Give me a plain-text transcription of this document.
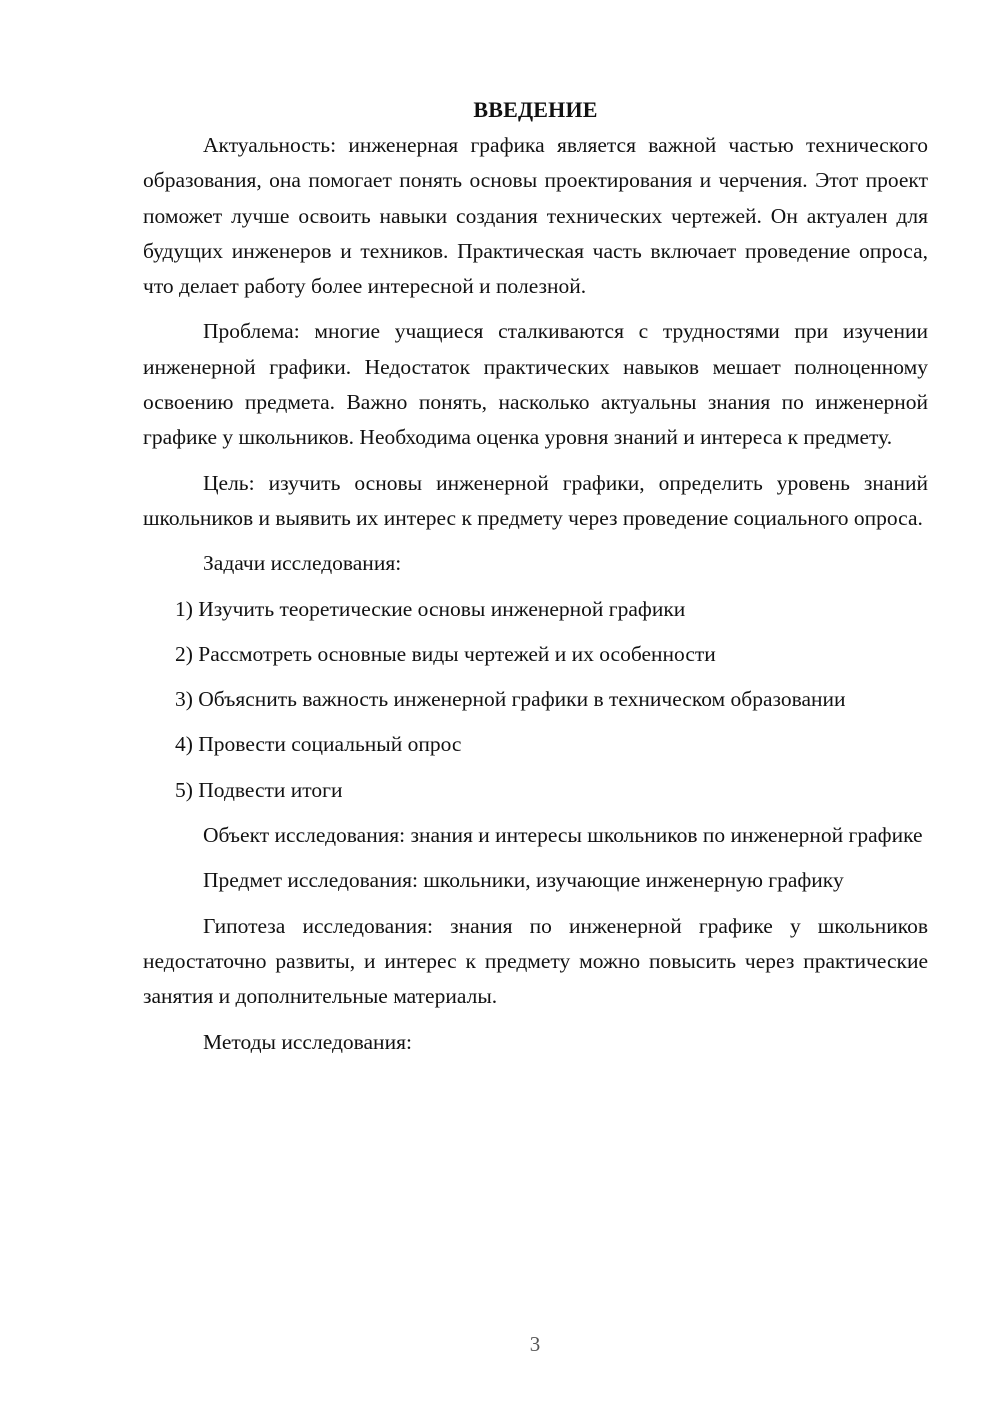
ВВЕДЕНИЕ

Актуальность: инженерная графика является важной частью технического образования, она помогает понять основы проектирования и черчения. Этот проект поможет лучше освоить навыки создания технических чертежей. Он актуален для будущих инженеров и техников. Практическая часть включает проведение опроса, что делает работу более интересной и полезной.

Проблема: многие учащиеся сталкиваются с трудностями при изучении инженерной графики. Недостаток практических навыков мешает полноценному освоению предмета. Важно понять, насколько актуальны знания по инженерной графике у школьников. Необходима оценка уровня знаний и интереса к предмету.

Цель: изучить основы инженерной графики, определить уровень знаний школьников и выявить их интерес к предмету через проведение социального опроса.

Задачи исследования:

1) Изучить теоретические основы инженерной графики

2) Рассмотреть основные виды чертежей и их особенности

3) Объяснить важность инженерной графики в техническом образовании

4) Провести социальный опрос

5) Подвести итоги

Объект исследования: знания и интересы школьников по инженерной графике

Предмет исследования: школьники, изучающие инженерную графику

Гипотеза исследования: знания по инженерной графике у школьников недостаточно развиты, и интерес к предмету можно повысить через практические занятия и дополнительные материалы.

Методы исследования:

3
